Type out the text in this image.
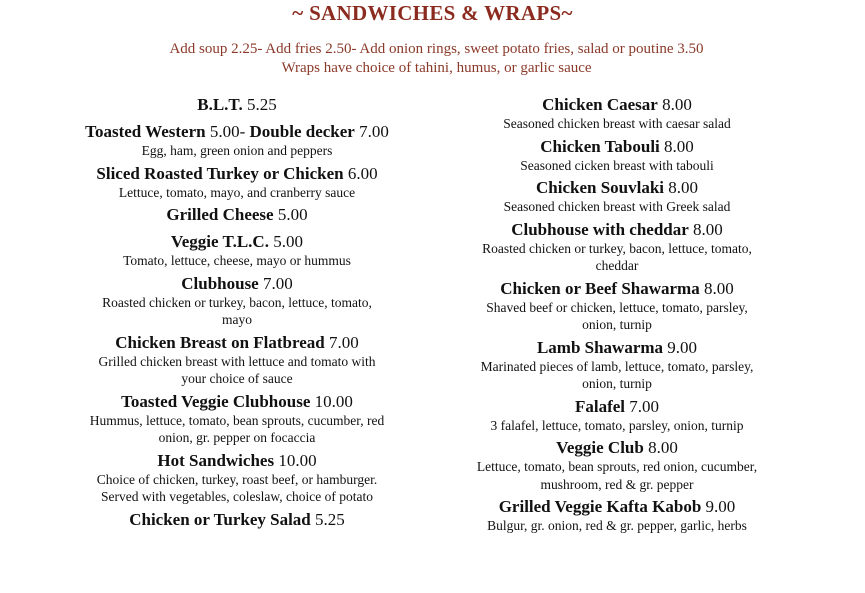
~ SANDWICHES & WRAPS~
Add soup 2.25- Add fries 2.50- Add onion rings, sweet potato fries, salad or poutine 3.50
Wraps have choice of tahini, humus, or garlic sauce
B.L.T. 5.25
Toasted Western 5.00- Double decker 7.00
Egg, ham, green onion and peppers
Sliced Roasted Turkey or Chicken 6.00
Lettuce, tomato, mayo, and cranberry sauce
Grilled Cheese 5.00
Veggie T.L.C. 5.00
Tomato, lettuce, cheese, mayo or hummus
Clubhouse 7.00
Roasted chicken or turkey, bacon, lettuce, tomato,
mayo
Chicken Breast on Flatbread 7.00
Grilled chicken breast with lettuce and tomato with
your choice of sauce
Toasted Veggie Clubhouse 10.00
Hummus, lettuce, tomato, bean sprouts, cucumber, red
onion, gr. pepper on focaccia
Hot Sandwiches 10.00
Choice of chicken, turkey, roast beef, or hamburger.
Served with vegetables, coleslaw, choice of potato
Chicken or Turkey Salad 5.25
Chicken Caesar 8.00
Seasoned chicken breast with caesar salad
Chicken Tabouli 8.00
Seasoned cicken breast with tabouli
Chicken Souvlaki 8.00
Seasoned chicken breast with Greek salad
Clubhouse with cheddar 8.00
Roasted chicken or turkey, bacon, lettuce, tomato,
cheddar
Chicken or Beef Shawarma 8.00
Shaved beef or chicken, lettuce, tomato, parsley,
onion, turnip
Lamb Shawarma 9.00
Marinated pieces of lamb, lettuce, tomato, parsley,
onion, turnip
Falafel 7.00
3 falafel, lettuce, tomato, parsley, onion, turnip
Veggie Club 8.00
Lettuce, tomato, bean sprouts, red onion, cucumber,
mushroom, red & gr. pepper
Grilled Veggie Kafta Kabob 9.00
Bulgur, gr. onion, red & gr. pepper, garlic, herbs
